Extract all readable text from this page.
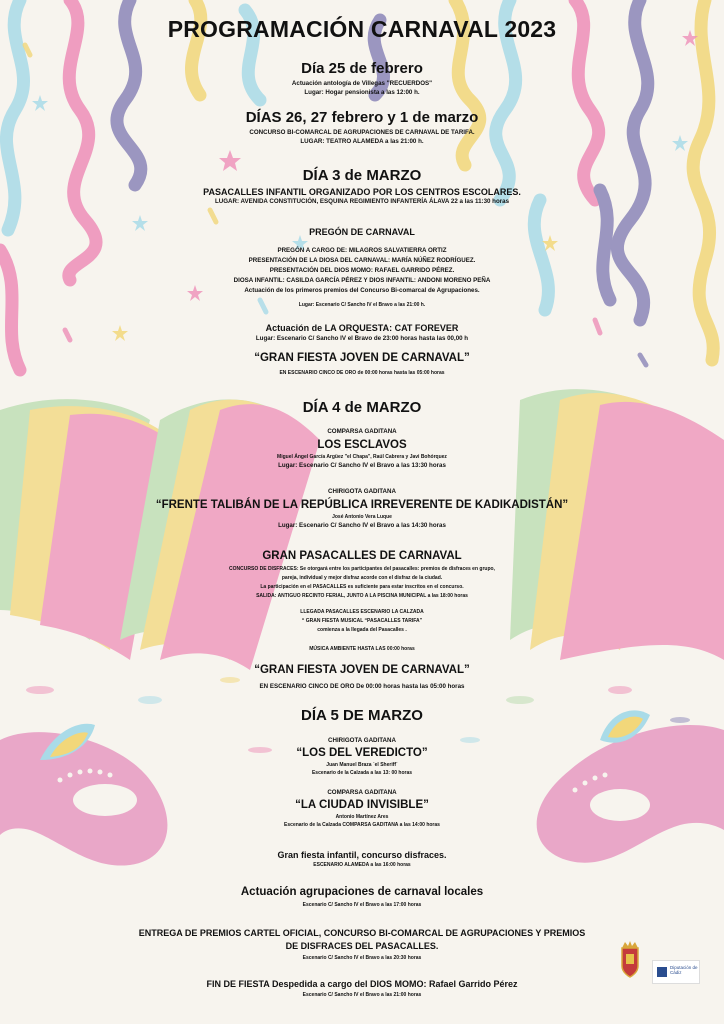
PROGRAMACIÓN CARNAVAL 2023
Día 25 de febrero
Actuación antología de Villegas "RECUERDOS"
Lugar: Hogar pensionista a las 12:00 h.
DÍAS 26, 27 febrero y 1 de marzo
CONCURSO BI-COMARCAL DE AGRUPACIONES DE CARNAVAL DE TARIFA.
LUGAR: TEATRO ALAMEDA a las 21:00 h.
DÍA 3 de MARZO
PASACALLES INFANTIL ORGANIZADO POR LOS CENTROS ESCOLARES.
LUGAR: AVENIDA CONSTITUCIÓN, ESQUINA REGIMIENTO INFANTERÍA ÁLAVA 22 a las 11:30 horas
PREGÓN DE CARNAVAL
PREGÓN A CARGO DE: MILAGROS SALVATIERRA ORTIZ
PRESENTACIÓN DE LA DIOSA DEL CARNAVAL: MARÍA NÚÑEZ RODRÍGUEZ.
PRESENTACIÓN DEL DIOS MOMO: RAFAEL GARRIDO PÉREZ.
DIOSA INFANTIL: CASILDA GARCÍA PÉREZ Y DIOS INFANTIL: ANDONI MORENO PEÑA
Actuación de los primeros premios del Concurso Bi-comarcal de Agrupaciones.
Lugar: Escenario C/ Sancho IV el Bravo a las 21:00 h.
Actuación de LA ORQUESTA: CAT FOREVER
Lugar: Escenario C/ Sancho IV el Bravo de 23:00 horas hasta las 00,00 h
“GRAN FIESTA JOVEN DE CARNAVAL”
EN ESCENARIO CINCO DE ORO de 00:00 horas hasta las 05:00 horas
DÍA 4 de MARZO
COMPARSA GADITANA
LOS ESCLAVOS
Miguel Ángel García Argüez "el Chapa", Raúl Cabrera y Javi Bohórquez
Lugar: Escenario C/ Sancho IV el Bravo a las 13:30 horas
CHIRIGOTA GADITANA
“FRENTE TALIBÁN DE LA REPÚBLICA IRREVERENTE DE KADIKADISTÁN”
José Antonio Vera Luque
Lugar: Escenario C/ Sancho IV el Bravo a las 14:30 horas
GRAN PASACALLES DE CARNAVAL
CONCURSO DE DISFRACES: Se otorgará entre los participantes del pasacalles: premios de disfraces en grupo,
pareja, individual y mejor disfraz acorde con el disfraz de la ciudad.
La participación en el PASACALLES es suficiente para estar inscritos en el concurso.
SALIDA: ANTIGUO RECINTO FERIAL, JUNTO A LA PISCINA MUNICIPAL a las 18:00 horas
LLEGADA PASACALLES ESCENARIO LA CALZADA
“ GRAN FIESTA MUSICAL “PASACALLES TARIFA”
comienza a la llegada del Pasacalles .
MÚSICA AMBIENTE HASTA LAS 00:00 horas
“GRAN FIESTA JOVEN DE CARNAVAL”
EN ESCENARIO CINCO DE ORO De 00:00 horas hasta las 05:00 horas
DÍA 5 DE MARZO
CHIRIGOTA GADITANA
“LOS DEL VEREDICTO”
Juan Manuel Braza ´el Sheriff´
Escenario de la Calzada a las 13: 00 horas
COMPARSA GADITANA
“LA CIUDAD INVISIBLE”
Antonio Martínez Ares
Escenario de la Calzada COMPARSA GADITANA a las 14:00 horas
Gran fiesta infantil, concurso disfraces.
ESCENARIO ALAMEDA a las 16:00 horas
Actuación agrupaciones de carnaval locales
Escenario C/ Sancho IV el Bravo a las 17:00 horas
ENTREGA DE PREMIOS CARTEL OFICIAL, CONCURSO BI-COMARCAL DE AGRUPACIONES Y PREMIOS
DE DISFRACES DEL PASACALLES.
Escenario C/ Sancho IV el Bravo a las 20:30 horas
FIN DE FIESTA Despedida a cargo del DIOS MOMO: Rafael Garrido Pérez
Escenario C/ Sancho IV el Bravo a las 21:00 horas
Diputación de Cádiz
